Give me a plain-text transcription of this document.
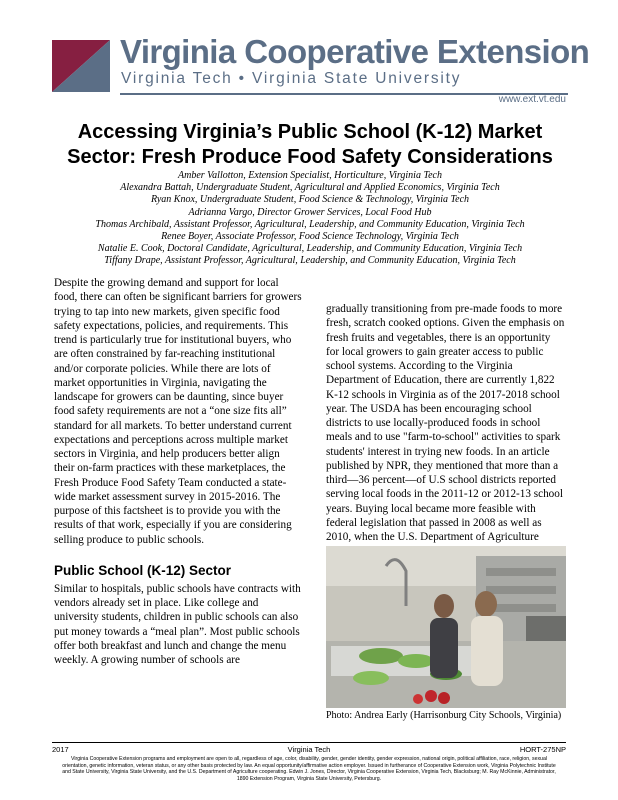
Virginia Cooperative Extension
Virginia Tech • Virginia State University
www.ext.vt.edu
Accessing Virginia’s Public School (K-12) Market
Sector: Fresh Produce Food Safety Considerations
Amber Vallotton, Extension Specialist, Horticulture, Virginia Tech
Alexandra Battah, Undergraduate Student, Agricultural and Applied Economics, Virginia Tech
Ryan Knox, Undergraduate Student, Food Science & Technology, Virginia Tech
Adrianna Vargo, Director Grower Services, Local Food Hub
Thomas Archibald, Assistant Professor, Agricultural, Leadership, and Community Education, Virginia Tech
Renee Boyer, Associate Professor, Food Science Technology, Virginia Tech
Natalie E. Cook, Doctoral Candidate, Agricultural, Leadership, and Community Education, Virginia Tech
Tiffany Drape, Assistant Professor, Agricultural, Leadership, and Community Education, Virginia Tech

Despite the growing demand and support for local food, there can often be significant barriers for growers trying to tap into new markets, given specific food safety expectations, policies, and requirements. This trend is particularly true for institutional buyers, who are often constrained by far-reaching institutional and/or corporate policies. While there are lots of market opportunities in Virginia, navigating the landscape for growers can be daunting, since buyer food safety requirements are not a “one size fits all” standard for all markets. To better understand current expectations and perceptions across multiple market sectors in Virginia, and help producers better align their on-farm practices with these marketplaces, the Fresh Produce Food Safety Team conducted a state-wide market assessment survey in 2015-2016. The purpose of this factsheet is to provide you with the results of that work, especially if you are considering selling produce to public schools.

Public School (K-12) Sector

Similar to hospitals, public schools have contracts with vendors already set in place. Like college and university students, children in public schools can also put money towards a “meal plan”. Most public schools offer both breakfast and lunch and change the menu weekly. A growing number of schools are

gradually transitioning from pre-made foods to more fresh, scratch cooked options. Given the emphasis on fresh fruits and vegetables, there is an opportunity for local growers to gain greater access to public school systems. According to the Virginia Department of Education, there are currently 1,822 K-12 schools in Virginia as of the 2017-2018 school year. The USDA has been encouraging school districts to use locally-produced foods in school meals and to use "farm-to-school" activities to spark students' interest in trying new foods. In an article published by NPR, they mentioned that more than a third—36 percent—of U.S school districts reported serving local foods in the 2011-12 or 2012-13 school years. Buying local became more feasible with federal legislation that passed in 2008 as well as 2010, when the U.S. Department of Agriculture

Photo: Andrea Early (Harrisonburg City Schools, Virginia)
2017	Virginia Tech	HORT-275NP
Virginia Cooperative Extension programs and employment are open to all, regardless of age, color, disability, gender, gender identity, gender expression, national origin, political affiliation, race, religion, sexual orientation, genetic information, veteran status, or any other basis protected by law. An equal opportunity/affirmative action employer. Issued in furtherance of Cooperative Extension work, Virginia Polytechnic Institute and State University, Virginia State University, and the U.S. Department of Agriculture cooperating. Edwin J. Jones, Director, Virginia Cooperative Extension, Virginia Tech, Blacksburg; M. Ray McKinnie, Administrator, 1890 Extension Program, Virginia State University, Petersburg.
